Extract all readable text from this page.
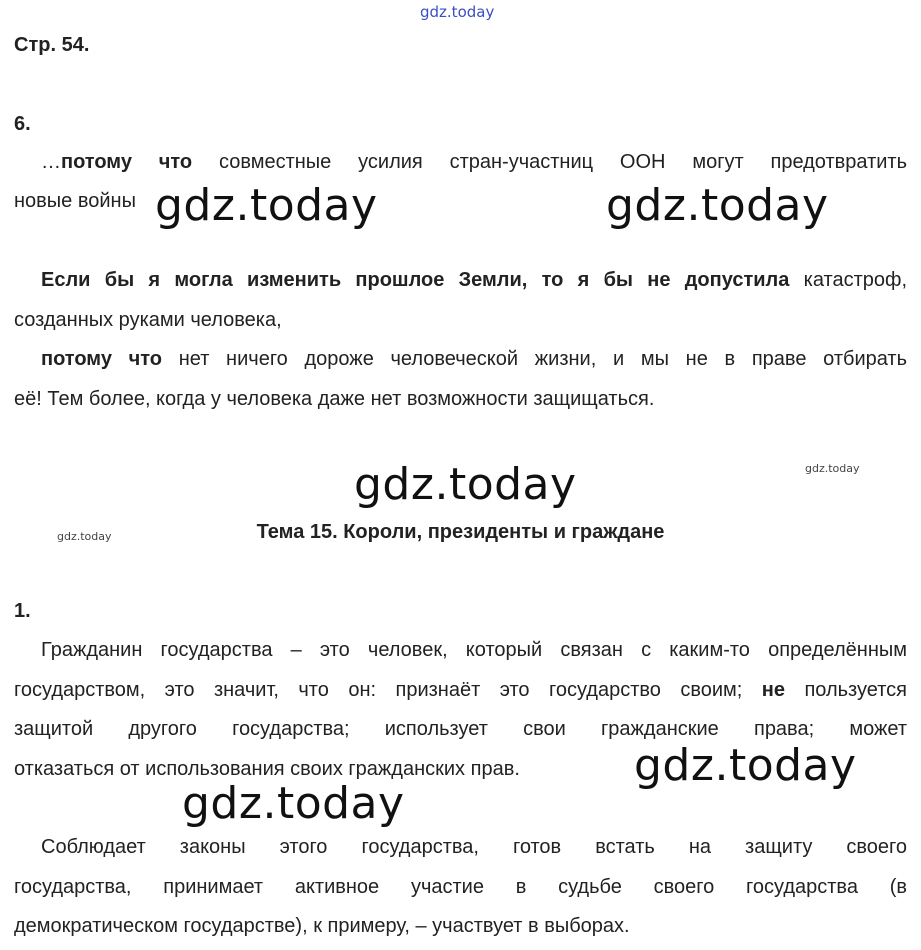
gdz.today
gdz.today	gdz.today
gdz.today	gdz.today
gdz.today
gdz.today
gdz.today
Стр. 54.
6.
…потому что совместные усилия стран-участниц ООН могут предотвратить
новые войны
Если бы я могла изменить прошлое Земли, то я бы не допустила катастроф,
созданных руками человека,
потому что нет ничего дороже человеческой жизни, и мы не в праве отбирать
её! Тем более, когда у человека даже нет возможности защищаться.
Тема 15. Короли, президенты и граждане
1.
Гражданин государства – это человек, который связан с каким-то определённым
государством, это значит, что он: признаёт это государство своим; не пользуется
защитой другого государства; использует свои гражданские права; может
отказаться от использования своих гражданских прав.
Соблюдает законы этого государства, готов встать на защиту своего
государства, принимает активное участие в судьбе своего государства (в
демократическом государстве), к примеру, – участвует в выборах.
